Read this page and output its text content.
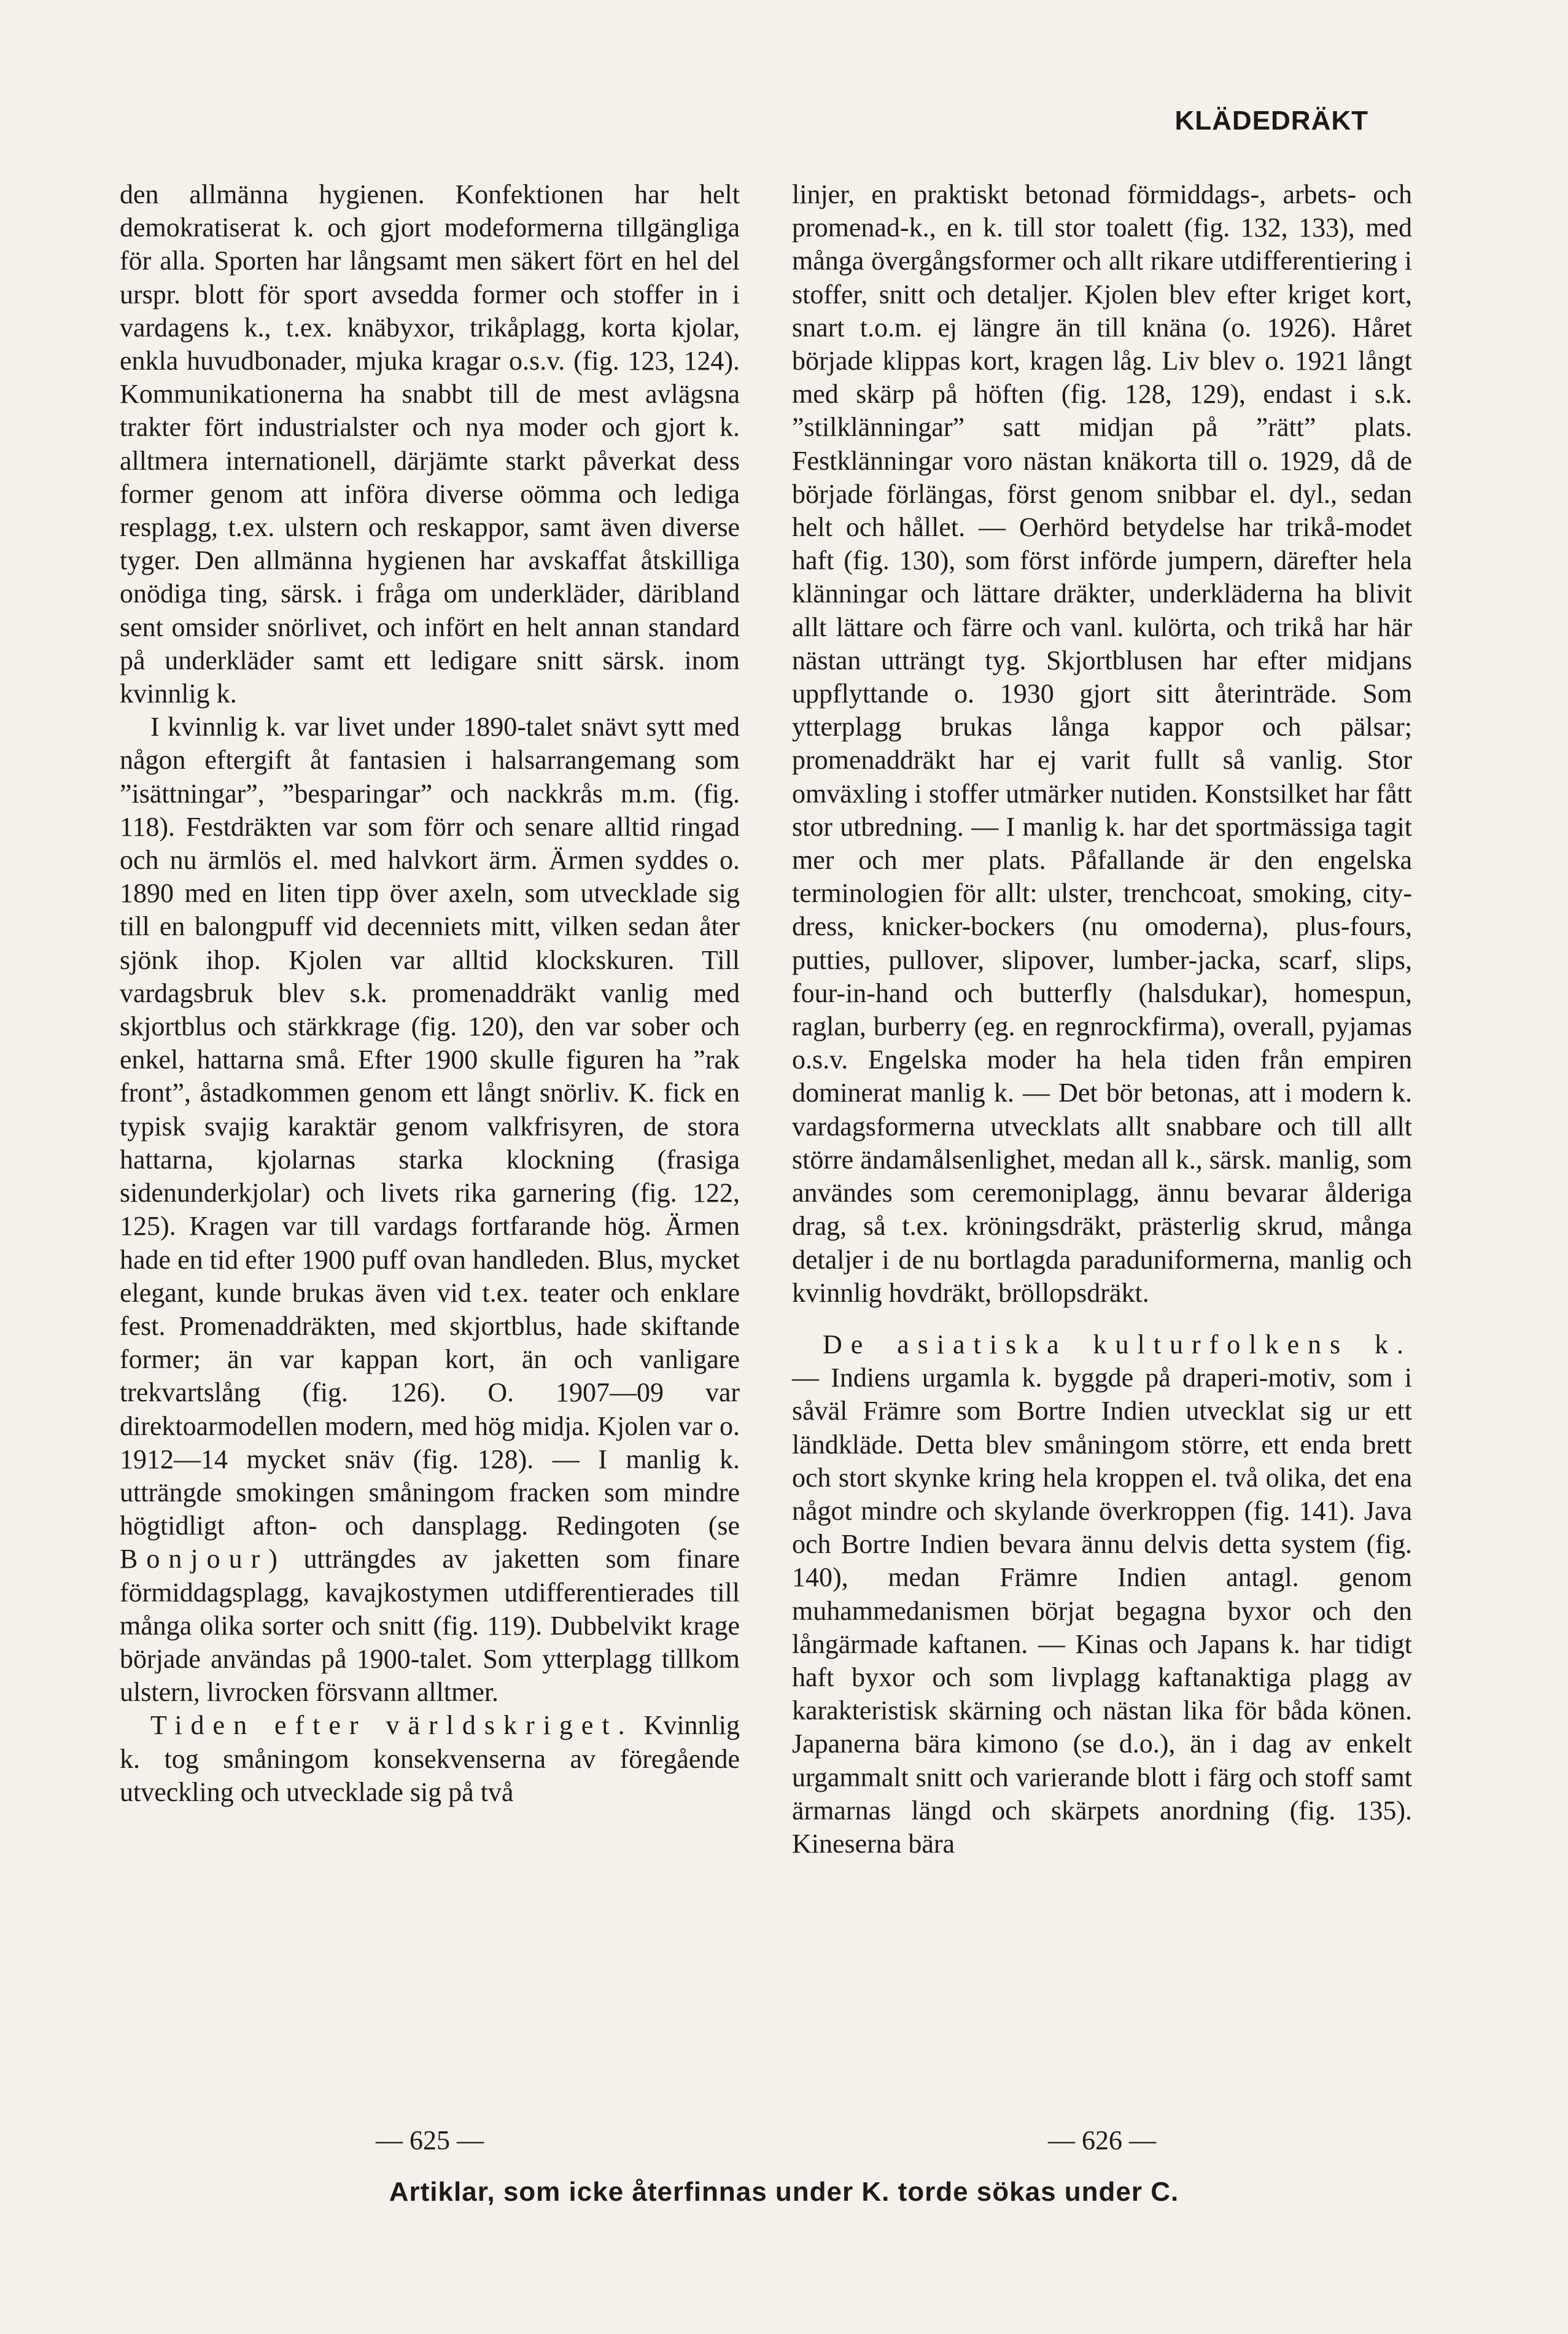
KLÄDEDRÄKT

den allmänna hygienen. Konfektionen har helt demokratiserat k. och gjort modeformerna tillgängliga för alla. Sporten har långsamt men säkert fört en hel del urspr. blott för sport avsedda former och stoffer in i vardagens k., t.ex. knäbyxor, trikåplagg, korta kjolar, enkla huvudbonader, mjuka kragar o.s.v. (fig. 123, 124). Kommunikationerna ha snabbt till de mest avlägsna trakter fört industrialster och nya moder och gjort k. alltmera internationell, därjämte starkt påverkat dess former genom att införa diverse oömma och lediga resplagg, t.ex. ulstern och reskappor, samt även diverse tyger. Den allmänna hygienen har avskaffat åtskilliga onödiga ting, särsk. i fråga om underkläder, däribland sent omsider snörlivet, och infört en helt annan standard på underkläder samt ett ledigare snitt särsk. inom kvinnlig k.

I kvinnlig k. var livet under 1890-talet snävt sytt med någon eftergift åt fantasien i halsarrangemang som ”isättningar”, ”besparingar” och nackkrås m.m. (fig. 118). Festdräkten var som förr och senare alltid ringad och nu ärmlös el. med halvkort ärm. Ärmen syddes o. 1890 med en liten tipp över axeln, som utvecklade sig till en balongpuff vid decenniets mitt, vilken sedan åter sjönk ihop. Kjolen var alltid klockskuren. Till vardagsbruk blev s.k. promenaddräkt vanlig med skjortblus och stärkkrage (fig. 120), den var sober och enkel, hattarna små. Efter 1900 skulle figuren ha ”rak front”, åstadkommen genom ett långt snörliv. K. fick en typisk svajig karaktär genom valkfrisyren, de stora hattarna, kjolarnas starka klockning (frasiga sidenunderkjolar) och livets rika garnering (fig. 122, 125). Kragen var till vardags fortfarande hög. Ärmen hade en tid efter 1900 puff ovan handleden. Blus, mycket elegant, kunde brukas även vid t.ex. teater och enklare fest. Promenaddräkten, med skjortblus, hade skiftande former; än var kappan kort, än och vanligare trekvartslång (fig. 126). O. 1907—09 var direktoarmodellen modern, med hög midja. Kjolen var o. 1912—14 mycket snäv (fig. 128). — I manlig k. utträngde smokingen småningom fracken som mindre högtidligt afton- och dansplagg. Redingoten (se Bonjour) utträngdes av jaketten som finare förmiddagsplagg, kavajkostymen utdifferentierades till många olika sorter och snitt (fig. 119). Dubbelvikt krage började användas på 1900-talet. Som ytterplagg tillkom ulstern, livrocken försvann alltmer.

Tiden efter världskriget. Kvinnlig k. tog småningom konsekvenserna av föregående utveckling och utvecklade sig på två

linjer, en praktiskt betonad förmiddags-, arbets- och promenad-k., en k. till stor toalett (fig. 132, 133), med många övergångsformer och allt rikare utdifferentiering i stoffer, snitt och detaljer. Kjolen blev efter kriget kort, snart t.o.m. ej längre än till knäna (o. 1926). Håret började klippas kort, kragen låg. Liv blev o. 1921 långt med skärp på höften (fig. 128, 129), endast i s.k. ”stilklänningar” satt midjan på ”rätt” plats. Festklänningar voro nästan knäkorta till o. 1929, då de började förlängas, först genom snibbar el. dyl., sedan helt och hållet. — Oerhörd betydelse har trikå-modet haft (fig. 130), som först införde jumpern, därefter hela klänningar och lättare dräkter, underkläderna ha blivit allt lättare och färre och vanl. kulörta, och trikå har här nästan utträngt tyg. Skjortblusen har efter midjans uppflyttande o. 1930 gjort sitt återinträde. Som ytterplagg brukas långa kappor och pälsar; promenaddräkt har ej varit fullt så vanlig. Stor omväxling i stoffer utmärker nutiden. Konstsilket har fått stor utbredning. — I manlig k. har det sportmässiga tagit mer och mer plats. Påfallande är den engelska terminologien för allt: ulster, trenchcoat, smoking, city-dress, knicker-bockers (nu omoderna), plus-fours, putties, pullover, slipover, lumber-jacka, scarf, slips, four-in-hand och butterfly (halsdukar), homespun, raglan, burberry (eg. en regnrockfirma), overall, pyjamas o.s.v. Engelska moder ha hela tiden från empiren dominerat manlig k. — Det bör betonas, att i modern k. vardagsformerna utvecklats allt snabbare och till allt större ändamålsenlighet, medan all k., särsk. manlig, som användes som ceremoniplagg, ännu bevarar ålderiga drag, så t.ex. kröningsdräkt, prästerlig skrud, många detaljer i de nu bortlagda paraduniformerna, manlig och kvinnlig hovdräkt, bröllopsdräkt.

De asiatiska kulturfolkens k. — Indiens urgamla k. byggde på draperi-motiv, som i såväl Främre som Bortre Indien utvecklat sig ur ett ländkläde. Detta blev småningom större, ett enda brett och stort skynke kring hela kroppen el. två olika, det ena något mindre och skylande överkroppen (fig. 141). Java och Bortre Indien bevara ännu delvis detta system (fig. 140), medan Främre Indien antagl. genom muhammedanismen börjat begagna byxor och den långärmade kaftanen. — Kinas och Japans k. har tidigt haft byxor och som livplagg kaftanaktiga plagg av karakteristisk skärning och nästan lika för båda könen. Japanerna bära kimono (se d.o.), än i dag av enkelt urgammalt snitt och varierande blott i färg och stoff samt ärmarnas längd och skärpets anordning (fig. 135). Kineserna bära

— 625 —	— 626 —
Artiklar, som icke återfinnas under K. torde sökas under C.
